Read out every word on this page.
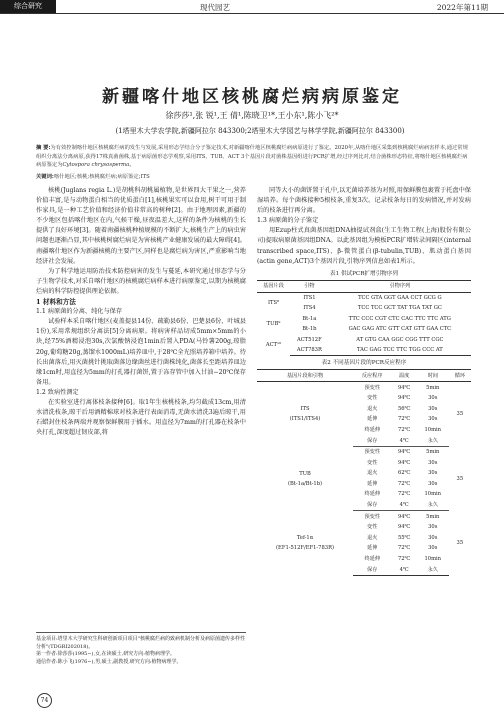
综合研究	现代园艺	2022年第11期
新疆喀什地区核桃腐烂病病原鉴定
徐莎莎¹,张 锐¹,王 倩¹,陈晓卫¹*,王小东¹,陈小飞²*
(1塔里木大学农学院,新疆阿拉尔 843300;2塔里木大学园艺与林学学院,新疆阿拉尔 843300)
摘 要:为有效控制喀什地区核桃腐烂病的发生与发展,采用形态学结合分子鉴定技术,对新疆喀什地区核桃腐烂病病原进行了鉴定。2020年,从喀什地区采集到核桃腐烂病病害样本,通过常规组织分离法分离病原,获得17株真菌菌株,基于病原菌形态学观察,采用ITS、TUB、ACT 3个基因片段对菌株基因组进行PCR扩增,经过序列比对,结合菌株形态特征,将喀什地区核桃腐烂病病原鉴定为Cytospora chrysosperma。
关键词:喀什地区;核桃;核桃腐烂病;病原鉴定;ITS

核桃(Juglans regia L.)是胡桃科胡桃属植物,是世界四大干果之一,营养价值丰富,是与动物蛋白相当的优质蛋白[1],核桃果实可以食用,树干可用于制作家具,是一种工艺价值和经济价值非常高的树种[2]。由于地理因素,新疆的不少地区包括喀什地区在内,气候干燥,昼夜温差大,这样的条件为核桃的生长提供了良好环境[3]。随着南疆核桃种植规模的不断扩大,核桃生产上的病虫害问题也逐渐凸显,其中核桃树腐烂病是为害核桃产业健康发展的最大障碍[4]。南疆喀什地区作为新疆核桃的主要产区,同样也是腐烂病为害区,严重影响当地经济社会发展。

为了科学地运用防治技术防控病害的发生与蔓延,本研究通过形态学与分子生物学技术,对采自喀什地区的核桃腐烂病样本进行病原鉴定,以期为核桃腐烂病的科学防控提供理论依据。

1 材料和方法
1.1 病原菌的分离、纯化与保存

试验样本采自喀什地区(麦盖提县14份、疏勒县6份、巴楚县6份、叶城县1份),采用常规组织分离法[5]分离病原。将病害样品切成5mm×5mm的小块,经75%酒精浸泡30s,次氯酸钠浸泡1min后置入PDA(马铃薯200g,琼脂20g,葡萄糖20g,蒸馏水1000mL)培养皿中,于28℃全光照培养箱中培养。待长出菌落后,用灭菌挑针挑取菌落边缘菌丝进行菌株纯化,菌落长至距培养皿边缘1cm时,用直径为5mm的打孔器打菌饼,置于冻存管中加入甘油−20℃保存备用。

1.2 致病性测定

在实验室进行离体枝条接种[6]。取1年生核桃枝条,均匀截成13cm,用清水清洗枝条,晾干后用酒精棉球对枝条进行表面消毒,无菌水清洗3遍后晾干,用石蜡封住枝条两端并观察保鲜膜用于插水。用直径为7mm的打孔器在枝条中央打孔,深度超过韧皮部,将

基金项目:塔里木大学研究生科研创新项目项目"核桃腐烂病的致病机制分析及病原菌遗传多样性分析"(TDGRI202018)。
第一作者:徐莎莎(1995−),女,在读硕士,研究方向:植物病理学。
通信作者:陈小飞(1976−),男,硕士,副教授,研究方向:植物病理学。
74

同等大小的菌饼置于孔中,以无菌培养基为对照,用保鲜膜包裹置于托盘中保湿培养。每个菌株接种5根枝条,重复3次。记录枝条每日的发病情况,并对发病后的枝条进行再分离。

1.3 病原菌的分子鉴定

用Ezup柱式真菌基因组DNA抽提试剂盒(生工生物工程(上海)股份有限公司)提取病原菌基因组DNA。以此基因组为模板PCR扩增转录间隔区(internal transcribed space,ITS)、β-微管蛋白(β-tubulin,TUB)、肌动蛋白基因(actin gene,ACT)3个基因片段,引物序列信息如表1所示。

表1 供试PCR扩增引物序列
基因片段	引物	引物序列
ITS⁸	ITS1	TCC GTA GGT GAA CCT GCG G
	ITS4	TCC TCC GCT TAT TGA TAT GC
TUB⁹	Bt-1a	TTC CCC CGT CTC CAC TTC TTC ATG
	Bt-1b	GAC GAG ATC GTT CAT GTT GAA CTC
ACT¹⁰	ACT512F	AT GTG CAA GGC CGG TTT CGC
	ACT783R	TAC GAG TCC TTC TGG CCC AT
表2 不同基因片段的PCR反应程序
基因片段和引物	反应程序	温度	时间	循环

ITS
(ITS1/ITS4)	预变性	94℃	5min	35
	变性	94℃	30s	
	退火	56℃	30s	
	延伸	72℃	30s	
	终延伸	72℃	10min	
	保存	4℃	永久	

TUB
(Bt-1a/Bt-1b)	预变性	94℃	5min	35
	变性	94℃	30s	
	退火	62℃	30s	
	延伸	72℃	30s	
	终延伸	72℃	10min	
	保存	4℃	永久	

Tef-1α
(EF1-512F/EF1-783R)	预变性	94℃	5min	35
	变性	94℃	30s	
	退火	55℃	30s	
	延伸	72℃	30s	
	终延伸	72℃	10min	
	保存	4℃	永久	
